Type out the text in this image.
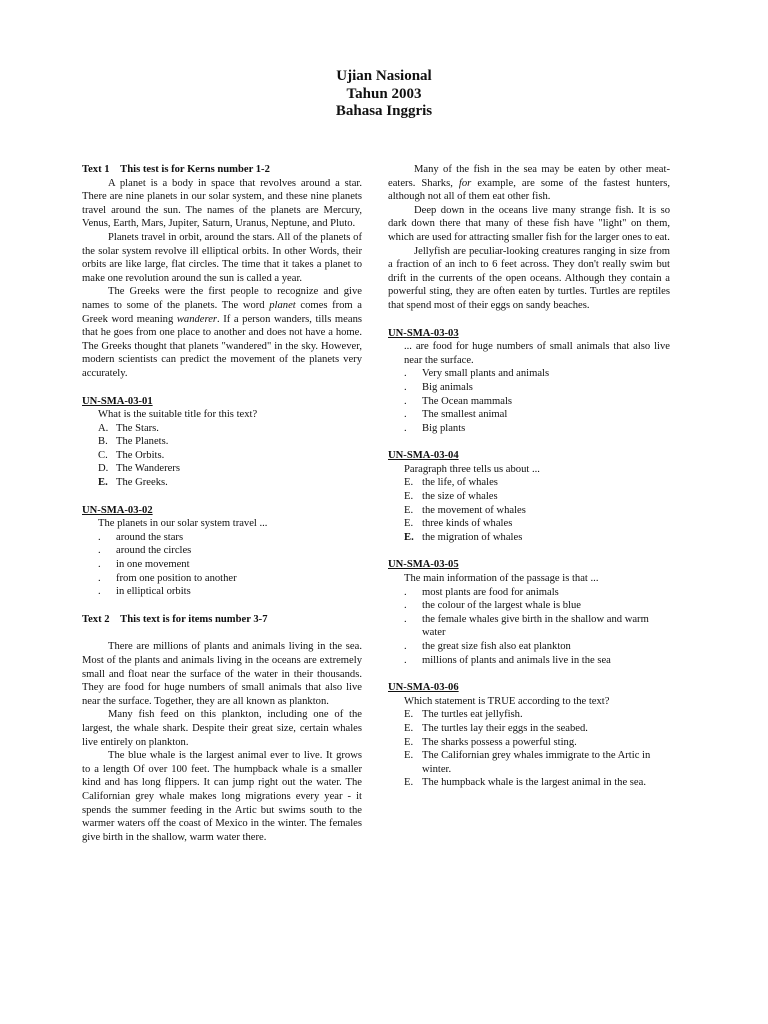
Ujian Nasional
Tahun 2003
Bahasa Inggris

Text 1 This test is for Kerns number 1-2

A planet is a body in space that revolves around a star. There are nine planets in our solar system, and these nine planets travel around the sun. The names of the planets are Mercury, Venus, Earth, Mars, Jupiter, Saturn, Uranus, Neptune, and Pluto.

Planets travel in orbit, around the stars. All of the planets of the solar system revolve ill elliptical orbits. In other Words, their orbits are like large, flat circles. The time that it takes a planet to make one revolution around the sun is called a year.

The Greeks were the first people to recognize and give names to some of the planets. The word planet comes from a Greek word meaning wanderer. If a person wanders, tills means that he goes from one place to another and does not have a home. The Greeks thought that planets "wandered" in the sky. However, modern scientists can predict the movement of the planets very accurately.

UN-SMA-03-01

What is the suitable title for this text?

A. The Stars.
B. The Planets.
C. The Orbits.
D. The Wanderers
E. The Greeks.

UN-SMA-03-02

The planets in our solar system travel ...

.	around the stars
.	around the circles
.	in one movement
.	from one position to another
.	in elliptical orbits

Text 2 This text is for items number 3-7

There are millions of plants and animals living in the sea. Most of the plants and animals living in the oceans are extremely small and float near the surface of the water in their thousands. They are food for huge numbers of small animals that also live near the surface. Together, they are all known as plankton.

Many fish feed on this plankton, including one of the largest, the whale shark. Despite their great size, certain whales live entirely on plankton.

The blue whale is the largest animal ever to live. It grows to a length Of over 100 feet. The humpback whale is a smaller kind and has long flippers. It can jump right out the water. The Californian grey whale makes long migrations every year - it spends the summer feeding in the Artic but swims south to the warmer waters off the coast of Mexico in the winter. The females give birth in the shallow, warm water there.

Many of the fish in the sea may be eaten by other meat-eaters. Sharks, for example, are some of the fastest hunters, although not all of them eat other fish.

Deep down in the oceans live many strange fish. It is so dark down there that many of these fish have "light" on them, which are used for attracting smaller fish for the larger ones to eat.

Jellyfish are peculiar-looking creatures ranging in size from a fraction of an inch to 6 feet across. They don't really swim but drift in the currents of the open oceans. Although they contain a powerful sting, they are often eaten by turtles. Turtles are reptiles that spend most of their eggs on sandy beaches.

UN-SMA-03-03

... are food for huge numbers of small animals that also live near the surface.

.	Very small plants and animals
.	Big animals
.	The Ocean mammals
.	The smallest animal
.	Big plants

UN-SMA-03-04

Paragraph three tells us about ...

E. the life, of whales
E. the size of whales
E. the movement of whales
E. three kinds of whales
E. the migration of whales

UN-SMA-03-05

The main information of the passage is that ...

.	most plants are food for animals
.	the colour of the largest whale is blue
.	the female whales give birth in the shallow and warm water
.	the great size fish also eat plankton
.	millions of plants and animals live in the sea

UN-SMA-03-06

Which statement is TRUE according to the text?

E. The turtles eat jellyfish.
E. The turtles lay their eggs in the seabed.
E. The sharks possess a powerful sting.
E. The Californian grey whales immigrate to the Artic in winter.
E. The humpback whale is the largest animal in the sea.
